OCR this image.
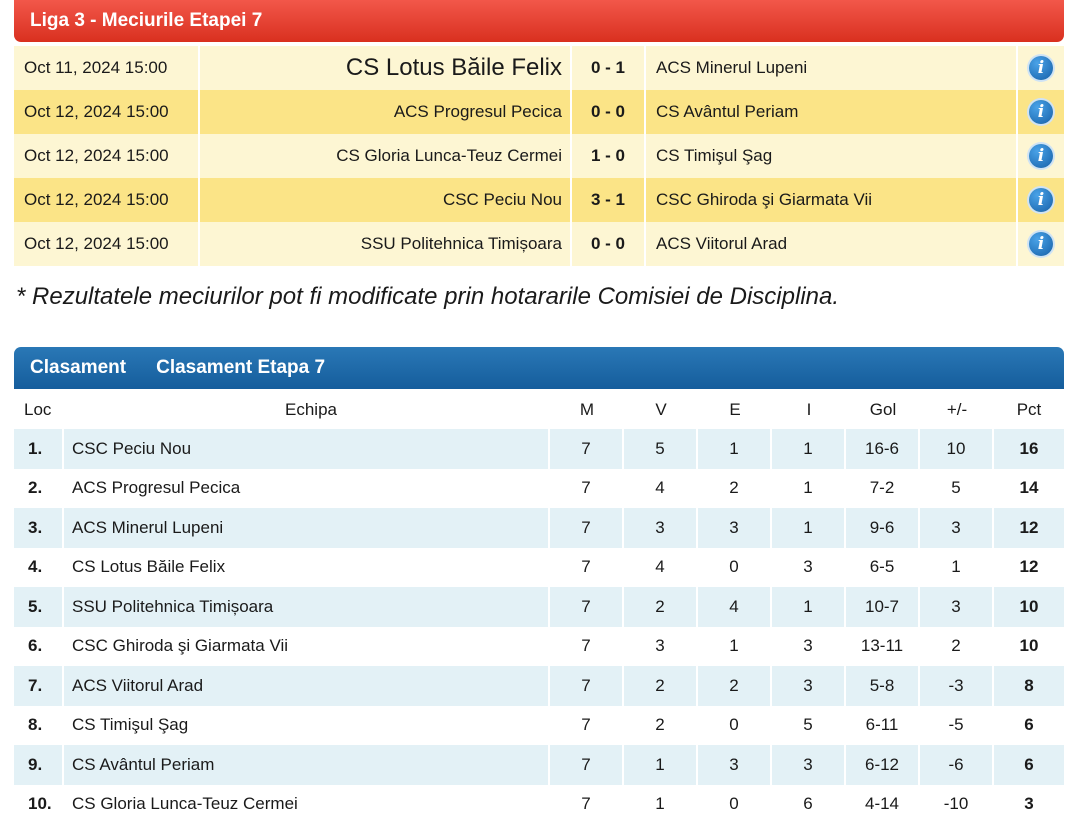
Liga 3 - Meciurile Etapei 7
Oct 11, 2024 15:00	CS Lotus Băile Felix	0 - 1	ACS Minerul Lupeni	i
Oct 12, 2024 15:00	ACS Progresul Pecica	0 - 0	CS Avântul Periam	i
Oct 12, 2024 15:00	CS Gloria Lunca-Teuz Cermei	1 - 0	CS Timişul Şag	i
Oct 12, 2024 15:00	CSC Peciu Nou	3 - 1	CSC Ghiroda şi Giarmata Vii	i
Oct 12, 2024 15:00	SSU Politehnica Timișoara	0 - 0	ACS Viitorul Arad	i
* Rezultatele meciurilor pot fi modificate prin hotararile Comisiei de Disciplina.
Clasament Clasament Etapa 7
Loc	Echipa	M	V	E	I	Gol	+/-	Pct
1.	CSC Peciu Nou	7	5	1	1	16-6	10	16
2.	ACS Progresul Pecica	7	4	2	1	7-2	5	14
3.	ACS Minerul Lupeni	7	3	3	1	9-6	3	12
4.	CS Lotus Băile Felix	7	4	0	3	6-5	1	12
5.	SSU Politehnica Timișoara	7	2	4	1	10-7	3	10
6.	CSC Ghiroda şi Giarmata Vii	7	3	1	3	13-11	2	10
7.	ACS Viitorul Arad	7	2	2	3	5-8	-3	8
8.	CS Timişul Şag	7	2	0	5	6-11	-5	6
9.	CS Avântul Periam	7	1	3	3	6-12	-6	6
10.	CS Gloria Lunca-Teuz Cermei	7	1	0	6	4-14	-10	3
